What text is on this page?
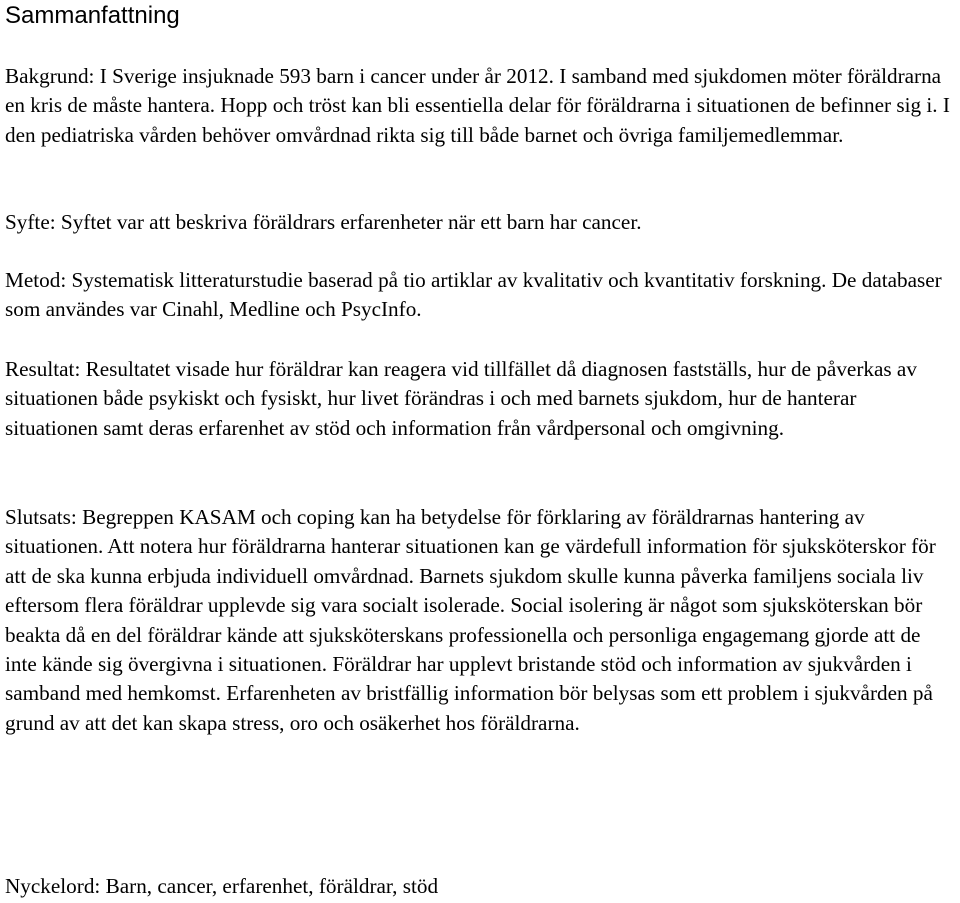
Sammanfattning

Bakgrund: I Sverige insjuknade 593 barn i cancer under år 2012. I samband med sjukdomen möter föräldrarna en kris de måste hantera. Hopp och tröst kan bli essentiella delar för föräldrarna i situationen de befinner sig i. I den pediatriska vården behöver omvårdnad rikta sig till både barnet och övriga familjemedlemmar.

Syfte: Syftet var att beskriva föräldrars erfarenheter när ett barn har cancer.

Metod: Systematisk litteraturstudie baserad på tio artiklar av kvalitativ och kvantitativ forskning. De databaser som användes var Cinahl, Medline och PsycInfo.

Resultat: Resultatet visade hur föräldrar kan reagera vid tillfället då diagnosen fastställs, hur de påverkas av situationen både psykiskt och fysiskt, hur livet förändras i och med barnets sjukdom, hur de hanterar situationen samt deras erfarenhet av stöd och information från vårdpersonal och omgivning.

Slutsats: Begreppen KASAM och coping kan ha betydelse för förklaring av föräldrarnas hantering av situationen. Att notera hur föräldrarna hanterar situationen kan ge värdefull information för sjuksköterskor för att de ska kunna erbjuda individuell omvårdnad. Barnets sjukdom skulle kunna påverka familjens sociala liv eftersom flera föräldrar upplevde sig vara socialt isolerade. Social isolering är något som sjuksköterskan bör beakta då en del föräldrar kände att sjuksköterskans professionella och personliga engagemang gjorde att de inte kände sig övergivna i situationen. Föräldrar har upplevt bristande stöd och information av sjukvården i samband med hemkomst. Erfarenheten av bristfällig information bör belysas som ett problem i sjukvården på grund av att det kan skapa stress, oro och osäkerhet hos föräldrarna.

Nyckelord: Barn, cancer, erfarenhet, föräldrar, stöd
